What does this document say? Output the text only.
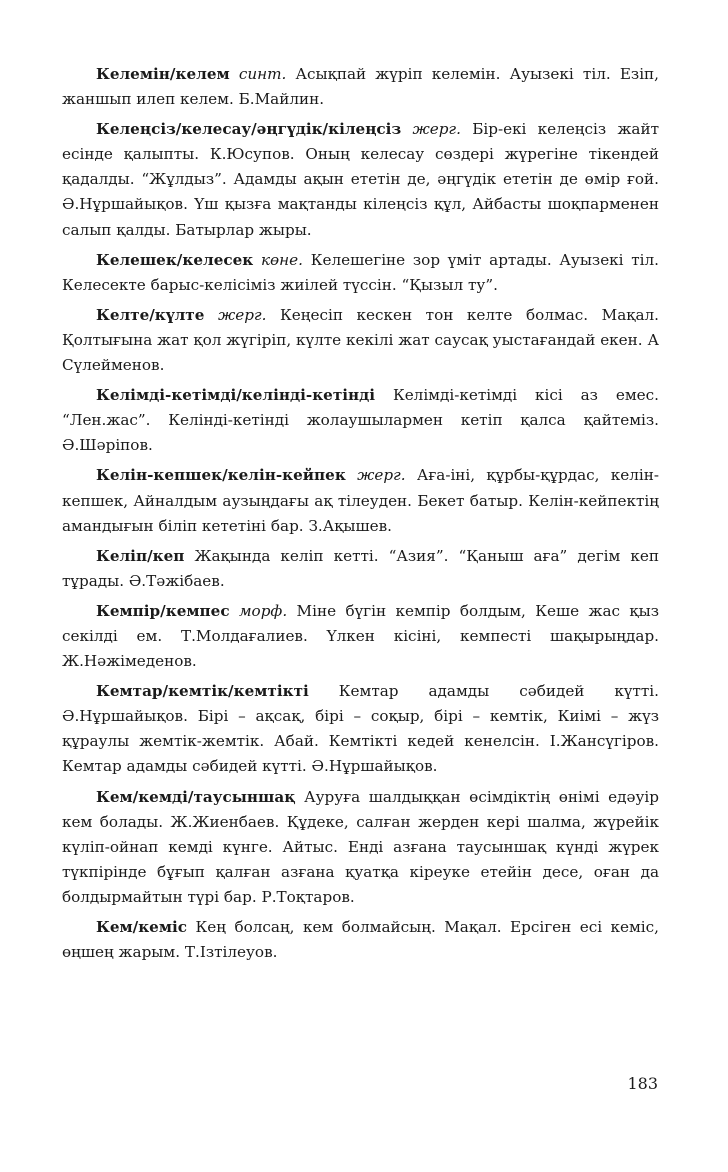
Келемін/келем синт. Асықпай жүріп келемін. Ауызекі тіл. Езіп, жаншып илеп келем. Б.Майлин.

Келеңсіз/келесау/әңгүдік/кілеңсіз жерг. Бір-екі келеңсіз жайт есінде қалыпты. К.Юсупов. Оның келесау сөздері жүрегіне тікендей қадалды. “Жұлдыз”. Адамды ақын ететін де, әңгүдік ететін де өмір ғой. Ә.Нұршайықов. Үш қызға мақтанды кілеңсіз құл, Айбасты шоқпарменен салып қалды. Батырлар жыры.

Келешек/келесек көне. Келешегіне зор үміт артады. Ауызекі тіл. Келесекте барыс-келісіміз жиілей түссін. “Қызыл ту”.

Келте/күлте жерг. Кеңесіп кескен тон келте болмас. Мақал. Қолтығына жат қол жүгіріп, күлте кекілі жат саусақ уыстағандай екен. А Сүлейменов.

Келімді-кетімді/келінді-кетінді Келімді-кетімді кісі аз емес. “Лен.жас”. Келінді-кетінді жолаушылармен кетіп қалса қайтеміз. Ә.Шәріпов.

Келін-кепшек/келін-кейпек жерг. Аға-іні, құрбы-құрдас, келін-кепшек, Айналдым аузыңдағы ақ тілеуден. Бекет батыр. Келін-кейпектің амандығын біліп кететіні бар. З.Ақышев.

Келіп/кеп Жақында келіп кетті. “Азия”. “Қаныш аға” дегім кеп тұрады. Ә.Тәжібаев.

Кемпір/кемпес морф. Міне бүгін кемпір болдым, Кеше жас қыз секілді ем. Т.Молдағалиев. Үлкен кісіні, кемпесті шақырыңдар. Ж.Нәжімеденов.

Кемтар/кемтік/кемтікті Кемтар адамды сәбидей күтті. Ә.Нұршайықов. Бірі – ақсақ, бірі – соқыр, бірі – кемтік, Киімі – жүз құраулы жемтік-жемтік. Абай. Кемтікті кедей кенелсін. І.Жансүгіров. Кемтар адамды сәбидей күтті. Ә.Нұршайықов.

Кем/кемді/таусыншақ Ауруға шалдыққан өсімдіктің өнімі едәуір кем болады. Ж.Жиенбаев. Құдеке, салған жерден кері шалма, жүрейік күліп-ойнап кемді күнге. Айтыс. Енді азғана таусыншақ күнді жүрек түкпірінде бұғып қалған азғана қуатқа кіреуке етейін десе, оған да болдырмайтын түрі бар. Р.Тоқтаров.

Кем/кеміс Кең болсаң, кем болмайсың. Мақал. Ерсіген есі кеміс, өңшең жарым. Т.Ізтілеуов.

183
